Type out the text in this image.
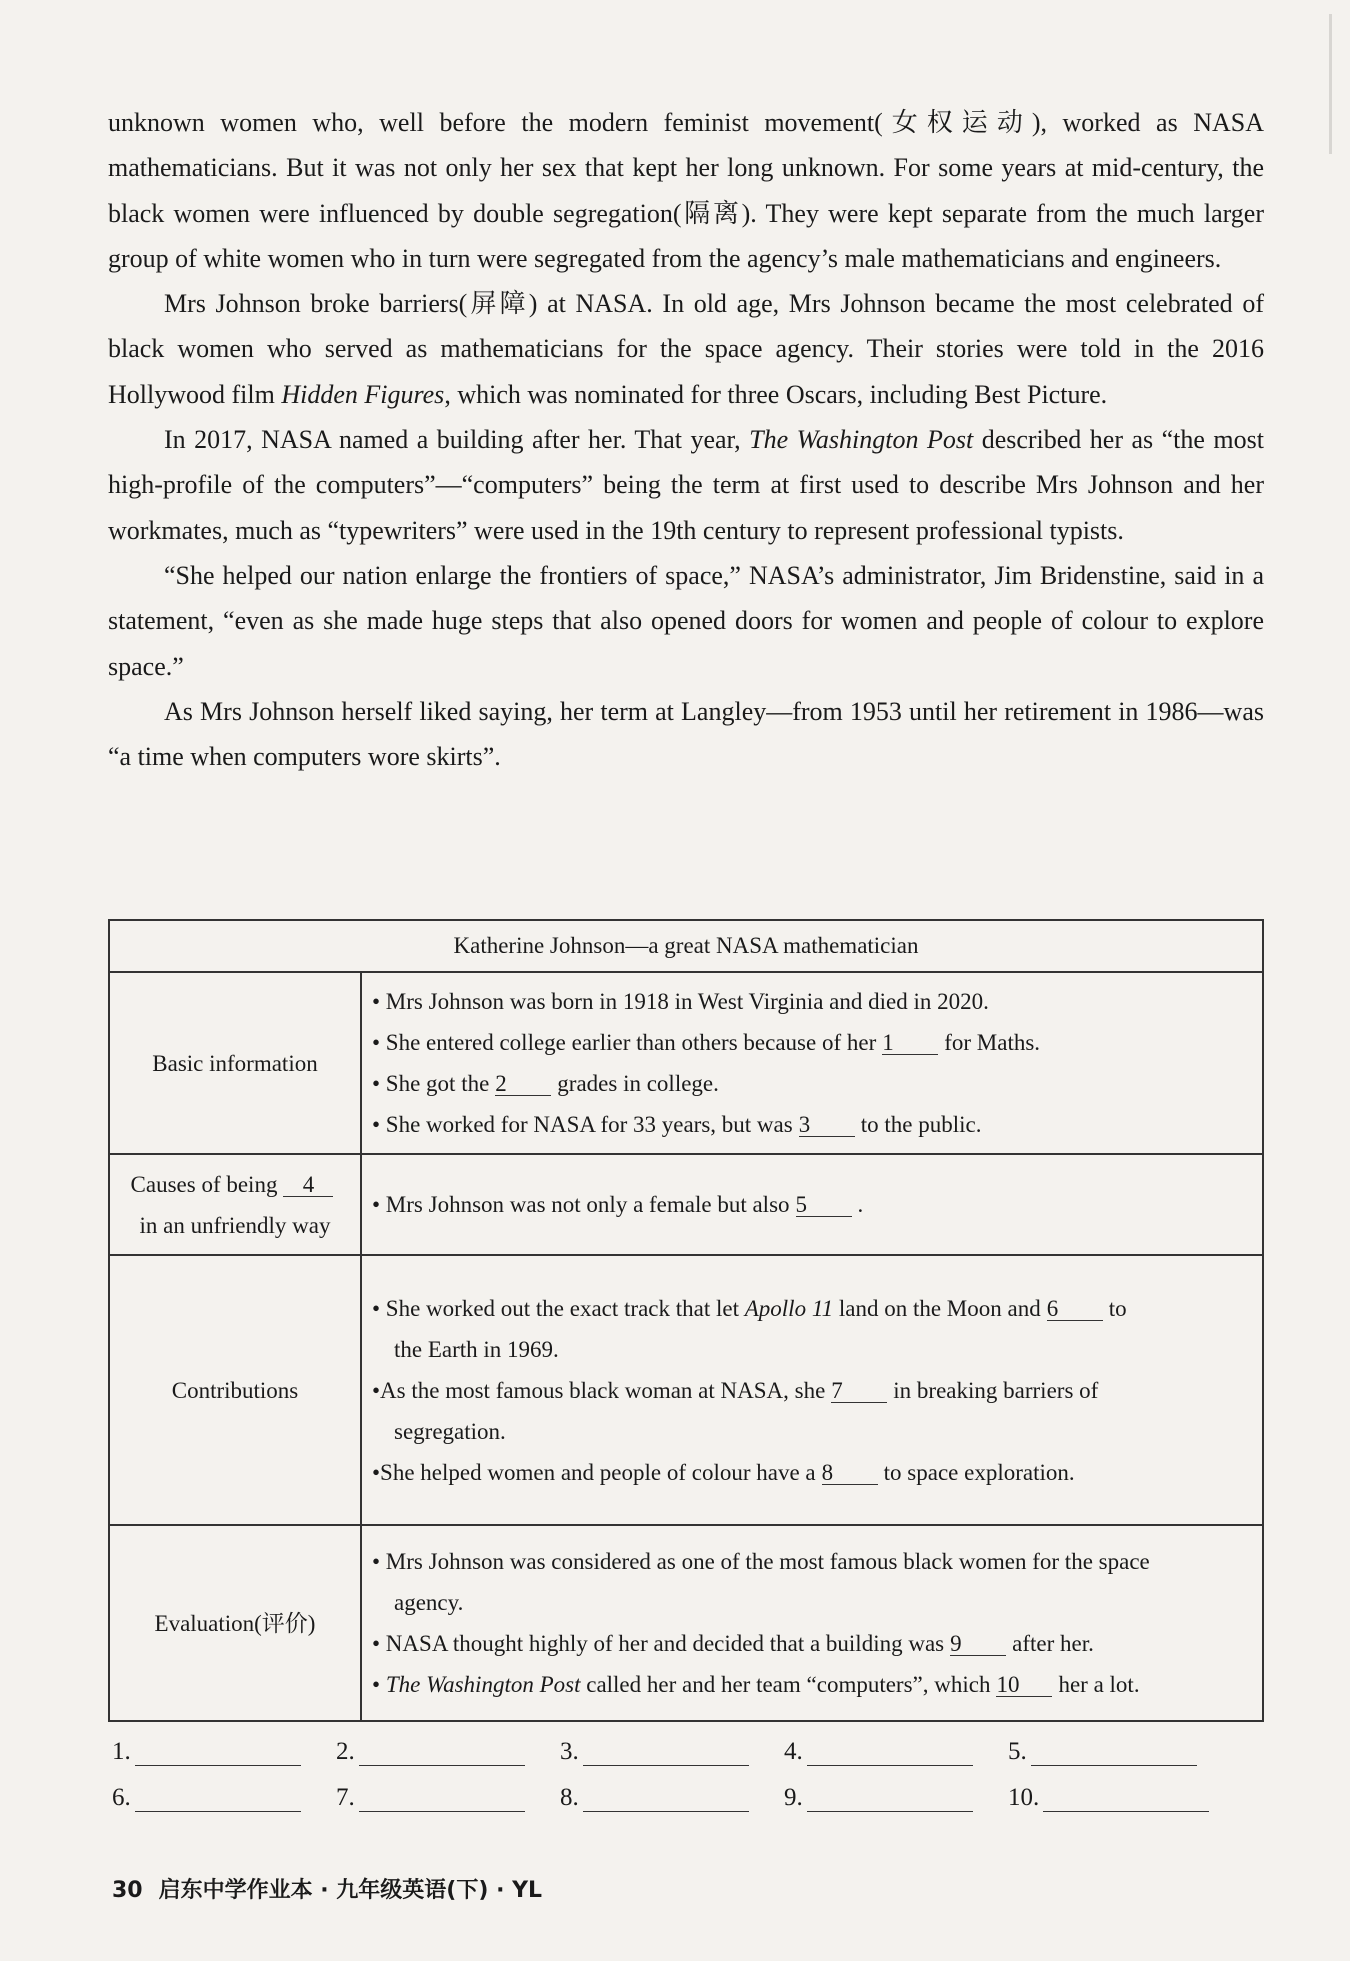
unknown women who, well before the modern feminist movement(女权运动), worked as NASA mathematicians. But it was not only her sex that kept her long unknown. For some years at mid-century, the black women were influenced by double segregation(隔离). They were kept separate from the much larger group of white women who in turn were segregated from the agency’s male mathematicians and engineers.

Mrs Johnson broke barriers(屏障) at NASA. In old age, Mrs Johnson became the most celebrated of black women who served as mathematicians for the space agency. Their stories were told in the 2016 Hollywood film Hidden Figures, which was nominated for three Oscars, including Best Picture.

In 2017, NASA named a building after her. That year, The Washington Post described her as “the most high-profile of the computers”—“computers” being the term at first used to describe Mrs Johnson and her workmates, much as “typewriters” were used in the 19th century to represent professional typists.

“She helped our nation enlarge the frontiers of space,” NASA’s administrator, Jim Bridenstine, said in a statement, “even as she made huge steps that also opened doors for women and people of colour to explore space.”

As Mrs Johnson herself liked saying, her term at Langley—from 1953 until her retirement in 1986—was “a time when computers wore skirts”.

Katherine Johnson—a great NASA mathematician	
Basic information	• Mrs Johnson was born in 1918 in West Virginia and died in 2020.
• She entered college earlier than others because of her 1 for Maths.
• She got the 2 grades in college.
• She worked for NASA for 33 years, but was 3 to the public.

Causes of being 4
in an unfriendly way	• Mrs Johnson was not only a female but also 5 .

Contributions	• She worked out the exact track that let Apollo 11 land on the Moon and 6 to
the Earth in 1969.
•As the most famous black woman at NASA, she 7 in breaking barriers of
segregation.
•She helped women and people of colour have a 8 to space exploration.

Evaluation(评价)	• Mrs Johnson was considered as one of the most famous black women for the space
agency.
• NASA thought highly of her and decided that a building was 9 after her.
• The Washington Post called her and her team “computers”, which 10 her a lot.
1.	2.	3.	4.	5.
6.	7.	8.	9.	10.
30 启东中学作业本 · 九年级英语(下) · YL
